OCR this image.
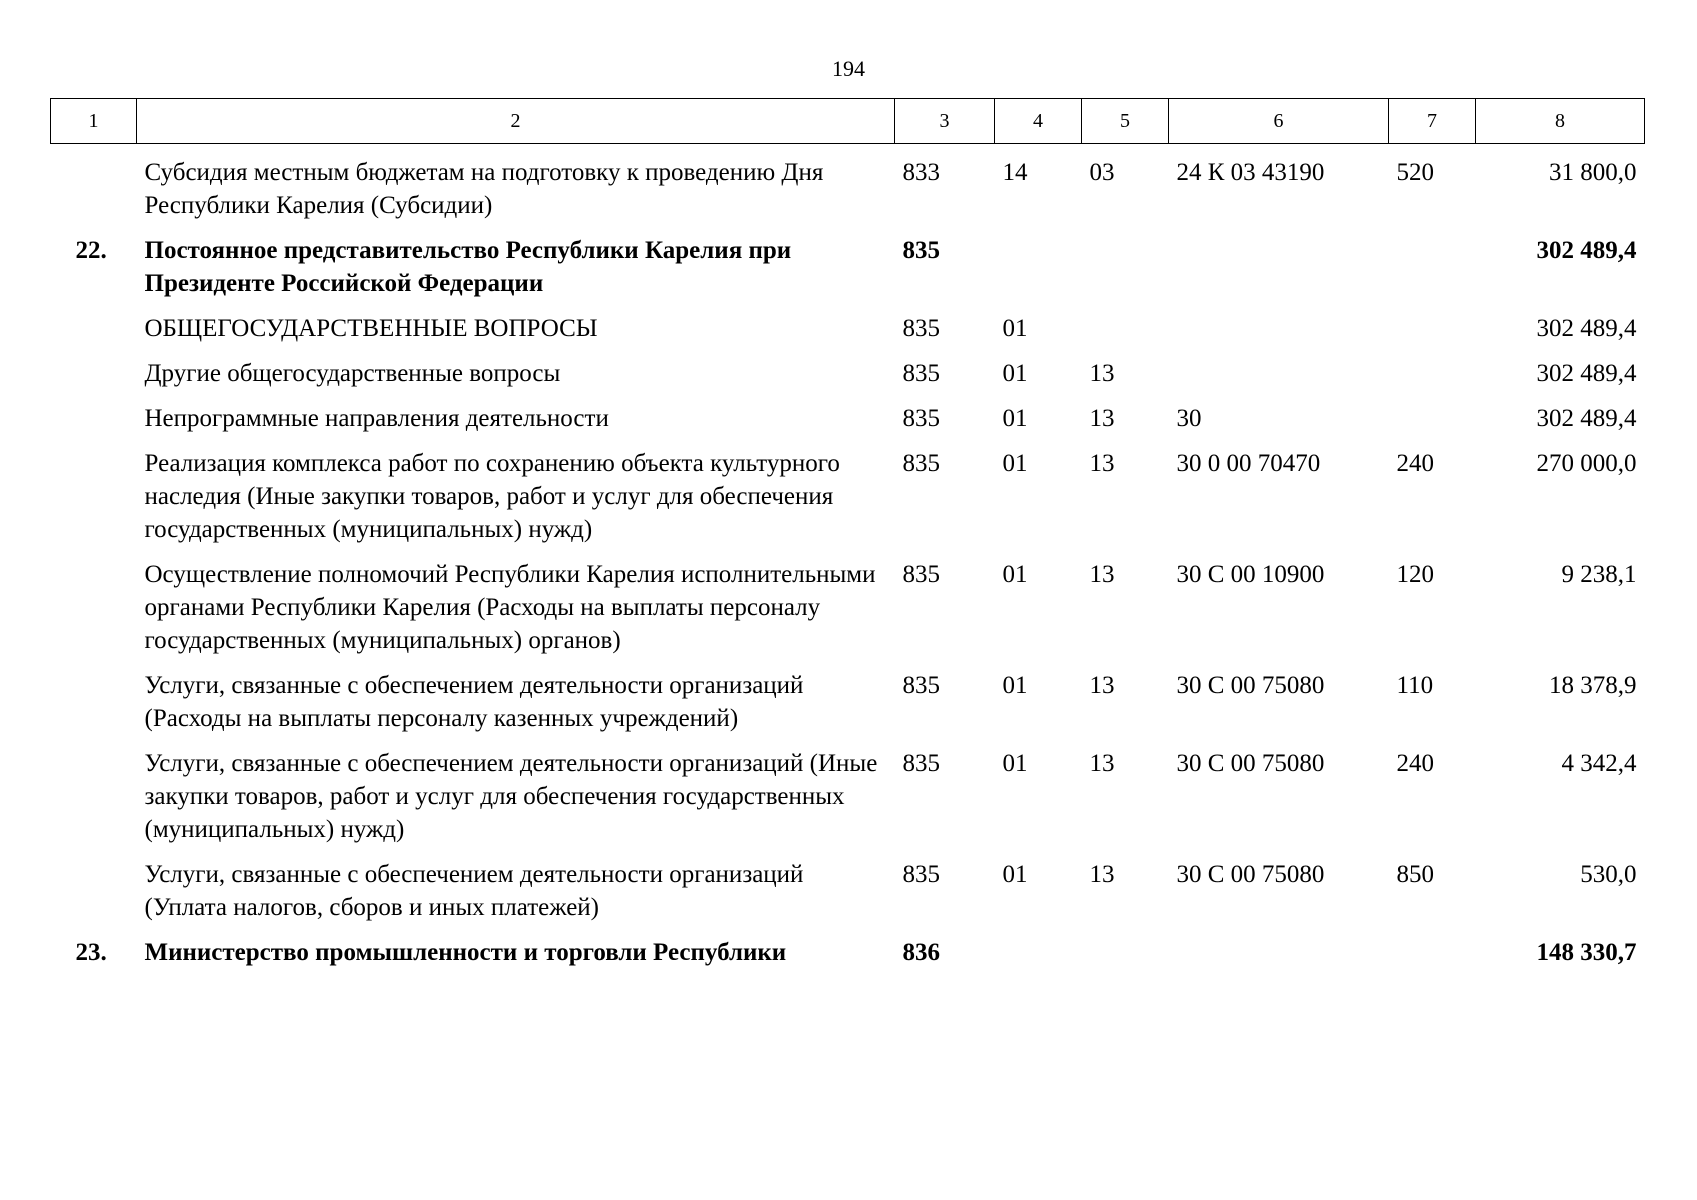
194
1	2	3	4	5	6	7	8
	Субсидия местным бюджетам на подготовку к проведению Дня Республики Карелия (Субсидии)	833	14	03	24 К 03 43190	520	31 800,0
22.	Постоянное представительство Республики Карелия при Президенте Российской Федерации	835					302 489,4
	ОБЩЕГОСУДАРСТВЕННЫЕ ВОПРОСЫ	835	01				302 489,4
	Другие общегосударственные вопросы	835	01	13			302 489,4
	Непрограммные направления деятельности	835	01	13	30		302 489,4
	Реализация комплекса работ по сохранению объекта культурного наследия (Иные закупки товаров, работ и услуг для обеспечения государственных (муниципальных) нужд)	835	01	13	30 0 00 70470	240	270 000,0
	Осуществление полномочий Республики Карелия исполнительными органами Республики Карелия (Расходы на выплаты персоналу государственных (муниципальных) органов)	835	01	13	30 С 00 10900	120	9 238,1
	Услуги, связанные с обеспечением деятельности организаций (Расходы на выплаты персоналу казенных учреждений)	835	01	13	30 С 00 75080	110	18 378,9
	Услуги, связанные с обеспечением деятельности организаций (Иные закупки товаров, работ и услуг для обеспечения государственных (муниципальных) нужд)	835	01	13	30 С 00 75080	240	4 342,4
	Услуги, связанные с обеспечением деятельности организаций (Уплата налогов, сборов и иных платежей)	835	01	13	30 С 00 75080	850	530,0
23.	Министерство промышленности и торговли Республики	836					148 330,7
